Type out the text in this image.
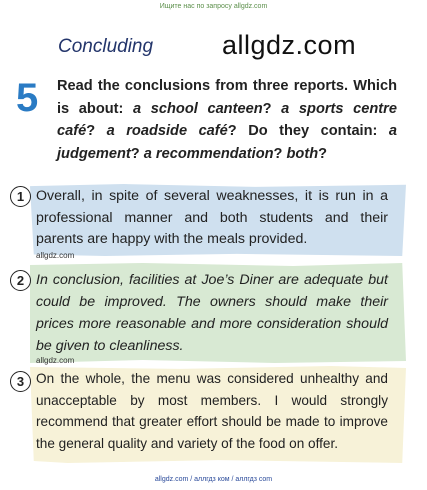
Ищите нас по запросу allgdz.com
Concluding	allgdz.com
5 Read the conclusions from three reports. Which is about: a school canteen? a sports centre café? a roadside café? Do they contain: a judgement? a recommendation? both?
1 Overall, in spite of several weaknesses, it is run in a professional manner and both students and their parents are happy with the meals provided.
allgdz.com
2 In conclusion, facilities at Joe’s Diner are adequate but could be improved. The owners should make their prices more reasonable and more consideration should be given to cleanliness.
allgdz.com
3 On the whole, the menu was considered unhealthy and unacceptable by most members. I would strongly recommend that greater effort should be made to improve the general quality and variety of the food on offer.
allgdz.com / аллгдз ком / аллгдз com
